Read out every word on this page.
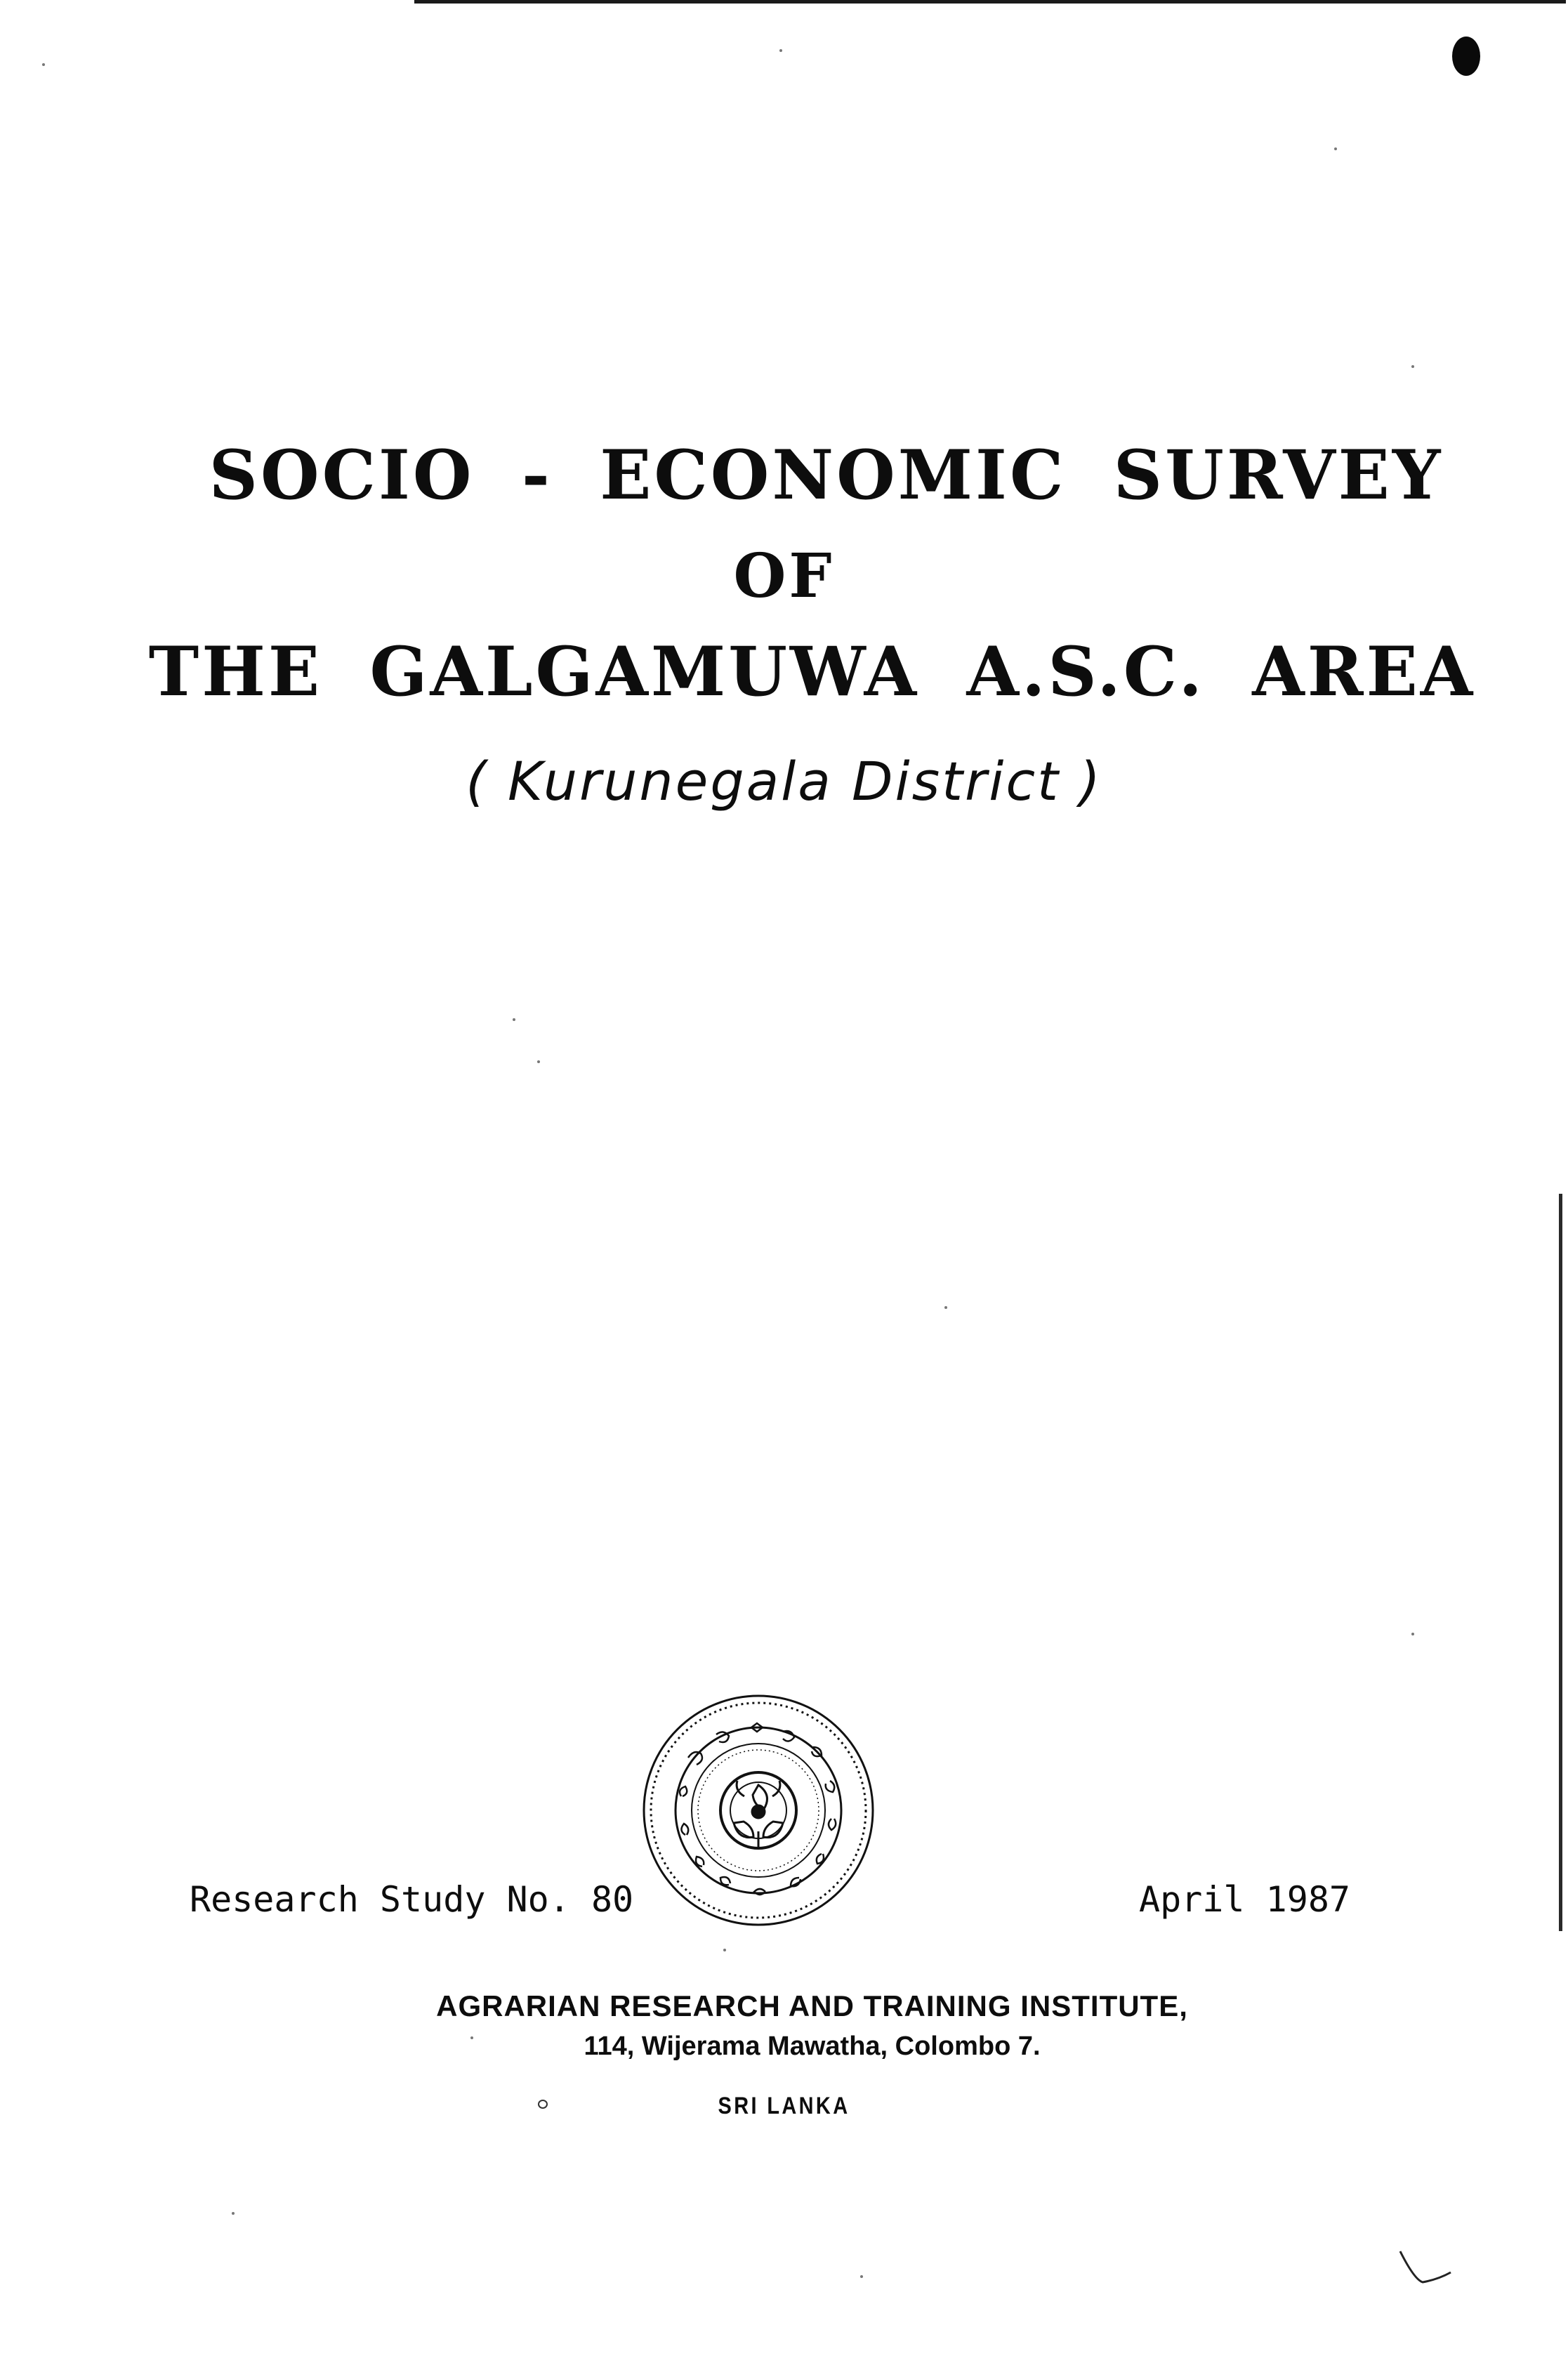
SOCIO - ECONOMIC SURVEY
OF
THE GALGAMUWA A.S.C. AREA
( Kurunegala District )
Research Study No. 80	April 1987
AGRARIAN RESEARCH AND TRAINING INSTITUTE,
114, Wijerama Mawatha, Colombo 7.
SRI LANKA
